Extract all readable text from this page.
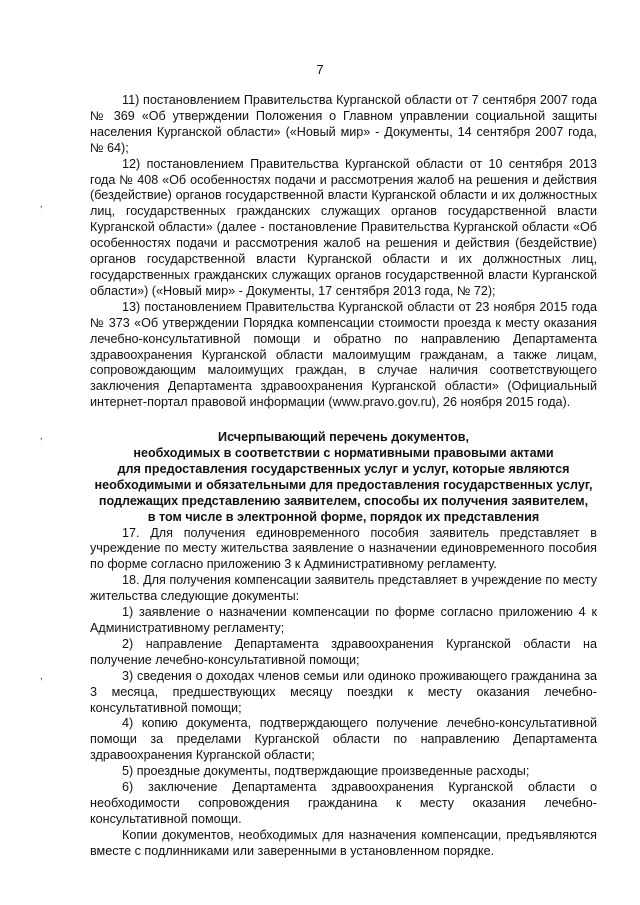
7
’
’
,

11) постановлением Правительства Курганской области от 7 сентября 2007 года № 369 «Об утверждении Положения о Главном управлении социальной защиты населения Курганской области» («Новый мир» - Документы, 14 сентября 2007 года, № 64);

12) постановлением Правительства Курганской области от 10 сентября 2013 года № 408 «Об особенностях подачи и рассмотрения жалоб на решения и действия (бездействие) органов государственной власти Курганской области и их должностных лиц, государственных гражданских служащих органов государственной власти Курганской области» (далее - постановление Правительства Курганской области «Об особенностях подачи и рассмотрения жалоб на решения и действия (бездействие) органов государственной власти Курганской области и их должностных лиц, государственных гражданских служащих органов государственной власти Курганской области») («Новый мир» - Документы, 17 сентября 2013 года, № 72);

13) постановлением Правительства Курганской области от 23 ноября 2015 года № 373 «Об утверждении Порядка компенсации стоимости проезда к месту оказания лечебно-консультативной помощи и обратно по направлению Департамента здравоохранения Курганской области малоимущим гражданам, а также лицам, сопровождающим малоимущих граждан, в случае наличия соответствующего заключения Департамента здравоохранения Курганской области» (Официальный интернет-портал правовой информации (www.pravo.gov.ru), 26 ноября 2015 года).

Исчерпывающий перечень документов,
необходимых в соответствии с нормативными правовыми актами
для предоставления государственных услуг и услуг, которые являются
необходимыми и обязательными для предоставления государственных услуг,
подлежащих представлению заявителем, способы их получения заявителем,
в том числе в электронной форме, порядок их представления

17. Для получения единовременного пособия заявитель представляет в учреждение по месту жительства заявление о назначении единовременного пособия по форме согласно приложению 3 к Административному регламенту.

18. Для получения компенсации заявитель представляет в учреждение по месту жительства следующие документы:

1) заявление о назначении компенсации по форме согласно приложению 4 к Административному регламенту;

2) направление Департамента здравоохранения Курганской области на получение лечебно-консультативной помощи;

3) сведения о доходах членов семьи или одиноко проживающего гражданина за 3 месяца, предшествующих месяцу поездки к месту оказания лечебно-консультативной помощи;

4) копию документа, подтверждающего получение лечебно-консультативной помощи за пределами Курганской области по направлению Департамента здравоохранения Курганской области;

5) проездные документы, подтверждающие произведенные расходы;

6) заключение Департамента здравоохранения Курганской области о необходимости сопровождения гражданина к месту оказания лечебно-консультативной помощи.

Копии документов, необходимых для назначения компенсации, предъявляются вместе с подлинниками или заверенными в установленном порядке.
